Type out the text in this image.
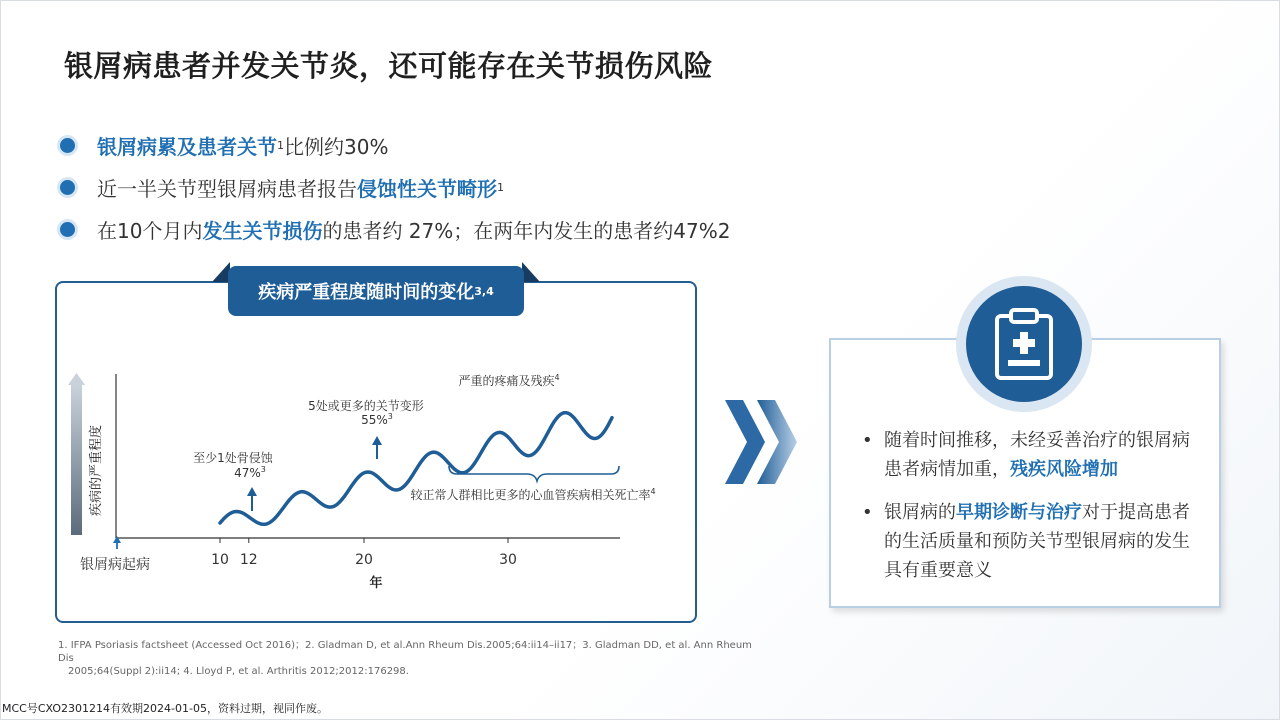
银屑病患者并发关节炎，还可能存在关节损伤风险
银屑病累及患者关节 1 比例约30%
近一半关节型银屑病患者报告 侵蚀性关节畸形 1
在10个月内 发生关节损伤 的患者约 27%；在两年内发生的患者约47%2
疾病严重程度随时间的变化 3,4
疾病的严重程度
银屑病起病	10 12	20	30
年
至少1处骨侵蚀
47%$^3$
5处或更多的关节变形
55%$^3$
严重的疼痛及残疾$^4$
较正常人群相比更多的心血管疾病相关死亡率$^4$
• 随着时间推移，未经妥善治疗的银屑病患者病情加重，残疾风险增加
• 银屑病的早期诊断与治疗对于提高患者的生活质量和预防关节型银屑病的发生具有重要意义
1. IFPA Psoriasis factsheet (Accessed Oct 2016)；2. Gladman D, et al.Ann Rheum Dis.2005;64:ii14–ii17；3. Gladman DD, et al. Ann Rheum Dis
2005;64(Suppl 2):ii14; 4. Lloyd P, et al. Arthritis 2012;2012:176298.
MCC号CXO2301214有效期2024-01-05，资料过期，视同作废。
